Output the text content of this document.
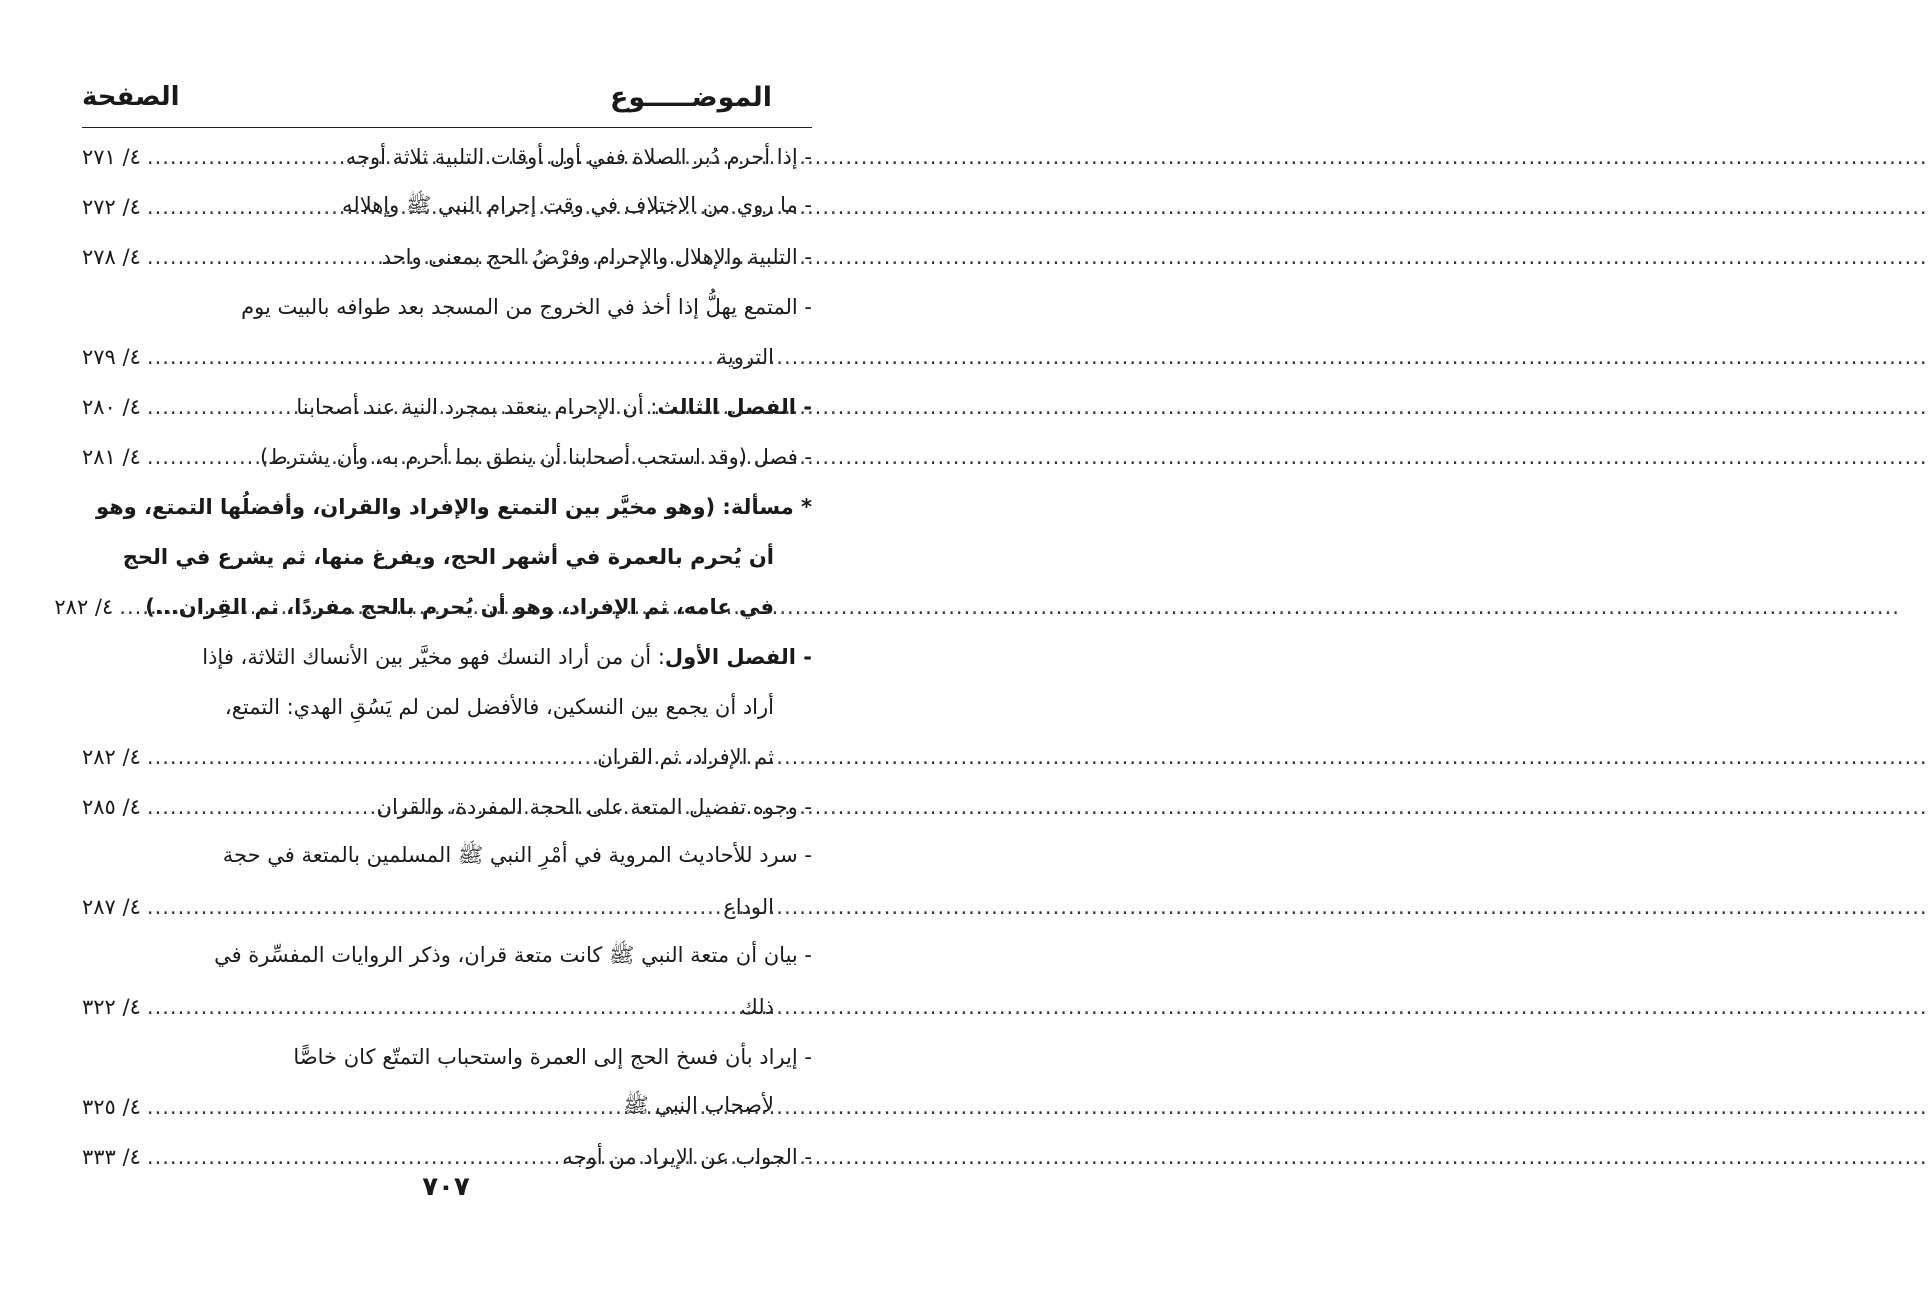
الموضـــــوع
الصفحة
- إذا أحرم دُبر الصلاة ففي أول أوقات التلبية ثلاثة أوجه
.....
٤/ ٢٧١
- ما روي من الاختلاف في وقت إحرام النبي ﷺ وإهلاله
.....
٤/ ٢٧٢
- التلبية والإهلال والإحرام وفرْضُ الحج بمعنى واحد
.....
٤/ ٢٧٨
- المتمع يهلُّ إذا أخذ في الخروج من المسجد بعد طوافه بالبيت يوم
التروية
.....
٤/ ٢٧٩
- الفصل الثالث: أن الإحرام ينعقد بمجرد النية عند أصحابنا
.....
٤/ ٢٨٠
- فصل (وقد استحب أصحابنا أن ينطق بما أحرم به، وأن يشترط)
.....
٤/ ٢٨١
* مسألة: (وهو مخيَّر بين التمتع والإفراد والقران، وأفضلُها التمتع، وهو
أن يُحرم بالعمرة في أشهر الحج، ويفرغ منها، ثم يشرع في الحج
في عامه، ثم الإفراد، وهو أن يُحرم بالحج مفردًا، ثم القِران...)
.....
٤/ ٢٨٢
- الفصل الأول: أن من أراد النسك فهو مخيَّر بين الأنساك الثلاثة، فإذا
أراد أن يجمع بين النسكين، فالأفضل لمن لم يَسُقِ الهدي: التمتع،
ثم الإفراد، ثم القران
.....
٤/ ٢٨٢
- وجوه تفضيل المتعة على الحجة المفردة، والقران
.....
٤/ ٢٨٥
- سرد للأحاديث المروية في أمْرِ النبي ﷺ المسلمين بالمتعة في حجة
الوداع
.....
٤/ ٢٨٧
- بيان أن متعة النبي ﷺ كانت متعة قران، وذكر الروايات المفسِّرة في
ذلك
.....
٤/ ٣٢٢
- إيراد بأن فسخ الحج إلى العمرة واستحباب التمتّع كان خاصًّا
لأصحاب النبي ﷺ
.....
٤/ ٣٢٥
- الجواب عن الإيراد من أوجه
.....
٤/ ٣٣٣
٧٠٧
